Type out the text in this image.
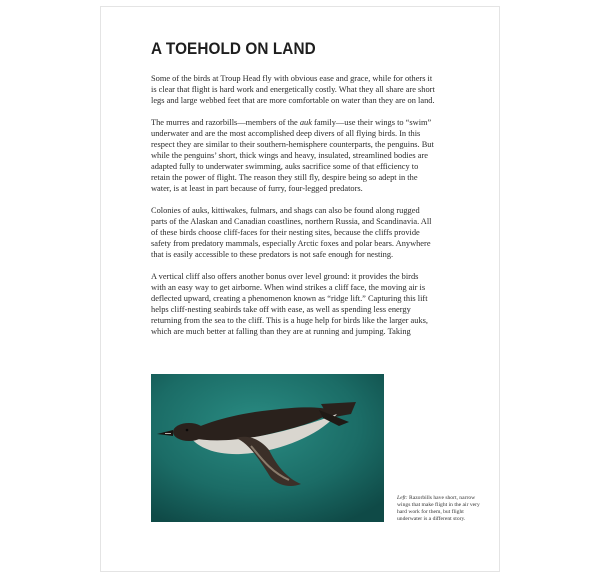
A TOEHOLD ON LAND

Some of the birds at Troup Head fly with obvious ease and grace, while for others it is clear that flight is hard work and energetically costly. What they all share are short legs and large webbed feet that are more comfortable on water than they are on land.

The murres and razorbills—members of the auk family—use their wings to “swim” underwater and are the most accomplished deep divers of all flying birds. In this respect they are similar to their southern-hemisphere counterparts, the penguins. But while the penguins’ short, thick wings and heavy, insulated, streamlined bodies are adapted fully to underwater swimming, auks sacrifice some of that efficiency to retain the power of flight. The reason they still fly, despire being so adept in the water, is at least in part because of furry, four-legged predators.

Colonies of auks, kittiwakes, fulmars, and shags can also be found along rugged parts of the Alaskan and Canadian coastlines, northern Russia, and Scandinavia. All of these birds choose cliff-faces for their nesting sites, because the cliffs provide safety from predatory mammals, especially Arctic foxes and polar bears. Anywhere that is easily accessible to these predators is not safe enough for nesting.

A vertical cliff also offers another bonus over level ground: it provides the birds with an easy way to get airborne. When wind strikes a cliff face, the moving air is deflected upward, creating a phenomenon known as “ridge lift.” Capturing this lift helps cliff-nesting seabirds take off with ease, as well as spending less energy returning from the sea to the cliff. This is a huge help for birds like the larger auks, which are much better at falling than they are at running and jumping. Taking

Left: Razorbills have short, narrow wings that make flight in the air very hard work for them, but flight underwater is a different story.
